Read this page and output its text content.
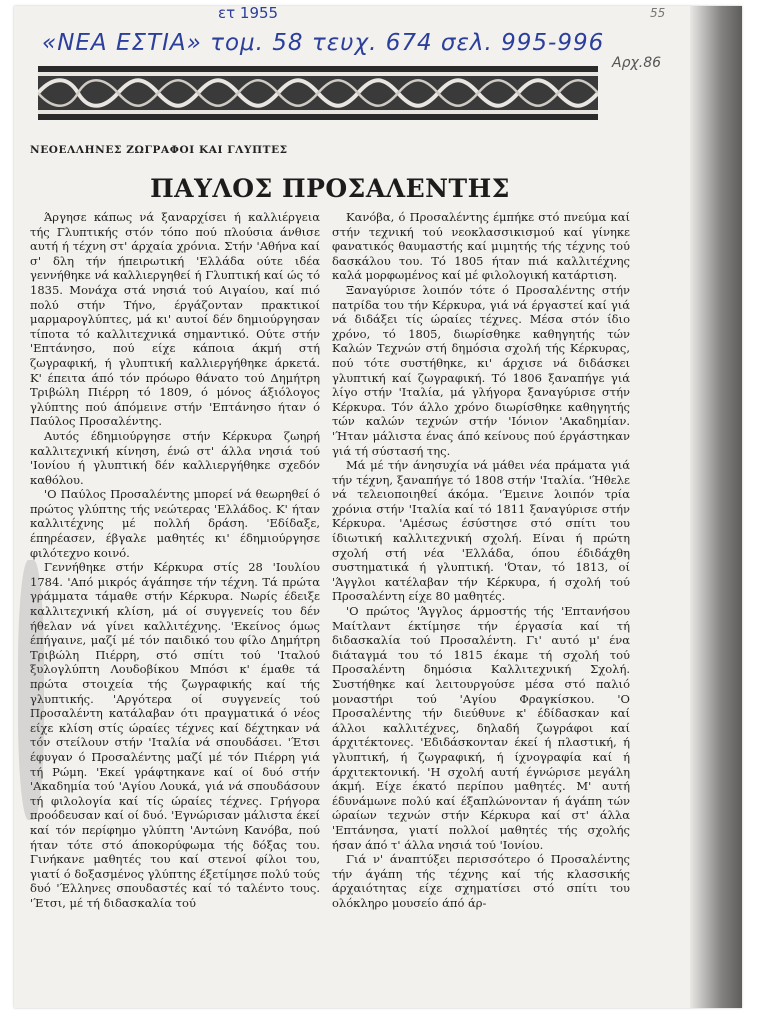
ετ 1955
«ΝΕΑ ΕΣΤΙΑ» τομ. 58 τευχ. 674 σελ. 995-996
55
Αρχ.86
ΝΕΟΕΛΛΗΝΕΣ ΖΩΓΡΑΦΟΙ ΚΑΙ ΓΛΥΠΤΕΣ
ΠΑΥΛΟΣ ΠΡΟΣΑΛΕΝΤΗΣ

Άργησε κάπως νά ξαναρχίσει ή καλλιέργεια τής Γλυπτικής στόν τόπο πού πλούσια άνθισε αυτή ή τέχνη στ' άρχαία χρόνια. Στήν 'Αθήνα καί σ' δλη τήν ήπειρωτική 'Ελλάδα ούτε ιδέα γεννήθηκε νά καλλιεργηθεί ή Γλυπτική καί ώς τό 1835. Μονάχα στά νησιά τού Αιγαίου, καί πιό πολύ στήν Τήνο, έργάζονταν πρακτικοί μαρμαρογλύπτες, μά κι' αυτοί δέν δημιούργησαν τίποτα τό καλλιτεχνικά σημαντικό. Ούτε στήν 'Επτάνησο, πού είχε κάποια άκμή στή ζωγραφική, ή γλυπτική καλλιεργήθηκε άρκετά. Κ' έπειτα άπό τόν πρόωρο θάνατο τού Δημήτρη Τριβώλη Πιέρρη τό 1809, ό μόνος άξιόλογος γλύπτης πού άπόμεινε στήν 'Επτάνησο ήταν ό Παύλος Προσαλέντης.

Αυτός έδημιούργησε στήν Κέρκυρα ζωηρή καλλιτεχνική κίνηση, ένώ στ' άλλα νησιά τού 'Ιονίου ή γλυπτική δέν καλλιεργήθηκε σχεδόν καθόλου.

'Ο Παύλος Προσαλέντης μπορεί νά θεωρηθεί ό πρώτος γλύπτης τής νεώτερας 'Ελλάδος. Κ' ήταν καλλιτέχνης μέ πολλή δράση. 'Εδίδαξε, έπηρέασεν, έβγαλε μαθητές κι' έδημιούργησε φιλότεχνο κοινό.

Γεννήθηκε στήν Κέρκυρα στίς 28 'Ιουλίου 1784. 'Από μικρός άγάπησε τήν τέχνη. Τά πρώτα γράμματα τάμαθε στήν Κέρκυρα. Νωρίς έδειξε καλλιτεχνική κλίση, μά οί συγγενείς του δέν ήθελαν νά γίνει καλλιτέχνης. 'Εκείνος όμως έπήγαινε, μαζί μέ τόν παιδικό του φίλο Δημήτρη Τριβώλη Πιέρρη, στό σπίτι τού 'Ιταλού ξυλογλύπτη Λουδοβίκου Μπόσι κ' έμαθε τά πρώτα στοιχεία τής ζωγραφικής καί τής γλυπτικής. 'Αργότερα οί συγγενείς τού Προσαλέντη κατάλαβαν ότι πραγματικά ό νέος είχε κλίση στίς ώραίες τέχνες καί δέχτηκαν νά τόν στείλουν στήν 'Ιταλία νά σπουδάσει. 'Έτσι έφυγαν ό Προσαλέντης μαζί μέ τόν Πιέρρη γιά τή Ρώμη. 'Εκεί γράφτηκανε καί οί δυό στήν 'Ακαδημία τού 'Αγίου Λουκά, γιά νά σπουδάσουν τή φιλολογία καί τίς ώραίες τέχνες. Γρήγορα προόδευσαν καί οί δυό. 'Εγνώρισαν μάλιστα έκεί καί τόν περίφημο γλύπτη 'Αντώνη Κανόβα, πού ήταν τότε στό άποκορύφωμα τής δόξας του. Γινήκανε μαθητές του καί στενοί φίλοι του, γιατί ό δοξασμένος γλύπτης έξετίμησε πολύ τούς δυό 'Έλληνες σπουδαστές καί τό ταλέντο τους. 'Έτσι, μέ τή διδασκαλία τού

Κανόβα, ό Προσαλέντης έμπήκε στό πνεύμα καί στήν τεχνική τού νεοκλασσικισμού καί γίνηκε φανατικός θαυμαστής καί μιμητής τής τέχνης τού δασκάλου του. Τό 1805 ήταν πιά καλλιτέχνης καλά μορφωμένος καί μέ φιλολογική κατάρτιση.

Ξαναγύρισε λοιπόν τότε ό Προσαλέντης στήν πατρίδα του τήν Κέρκυρα, γιά νά έργαστεί καί γιά νά διδάξει τίς ώραίες τέχνες. Μέσα στόν ίδιο χρόνο, τό 1805, διωρίσθηκε καθηγητής τών Καλών Τεχνών στή δημόσια σχολή τής Κέρκυρας, πού τότε συστήθηκε, κι' άρχισε νά διδάσκει γλυπτική καί ζωγραφική. Τό 1806 ξαναπήγε γιά λίγο στήν 'Ιταλία, μά γλήγορα ξαναγύρισε στήν Κέρκυρα. Τόν άλλο χρόνο διωρίσθηκε καθηγητής τών καλών τεχνών στήν 'Ιόνιον 'Ακαδημίαν. 'Ήταν μάλιστα ένας άπό κείνους πού έργάστηκαν γιά τή σύστασή της.

Μά μέ τήν άνησυχία νά μάθει νέα πράματα γιά τήν τέχνη, ξαναπήγε τό 1808 στήν 'Ιταλία. 'Ήθελε νά τελειοποιηθεί άκόμα. 'Έμεινε λοιπόν τρία χρόνια στήν 'Ιταλία καί τό 1811 ξαναγύρισε στήν Κέρκυρα. 'Αμέσως έσύστησε στό σπίτι του ίδιωτική καλλιτεχνική σχολή. Είναι ή πρώτη σχολή στή νέα 'Ελλάδα, όπου έδιδάχθη συστηματικά ή γλυπτική. 'Όταν, τό 1813, οί 'Άγγλοι κατέλαβαν τήν Κέρκυρα, ή σχολή τού Προσαλέντη είχε 80 μαθητές.

'Ο πρώτος 'Άγγλος άρμοστής τής 'Επτανήσου Μαίτλαντ έκτίμησε τήν έργασία καί τή διδασκαλία τού Προσαλέντη. Γι' αυτό μ' ένα διάταγμά του τό 1815 έκαμε τή σχολή τού Προσαλέντη δημόσια Καλλιτεχνική Σχολή. Συστήθηκε καί λειτουργούσε μέσα στό παλιό μοναστήρι τού 'Αγίου Φραγκίσκου. 'Ο Προσαλέντης τήν διεύθυνε κ' έδίδασκαν καί άλλοι καλλιτέχνες, δηλαδή ζωγράφοι καί άρχιτέκτονες. 'Εδιδάσκονταν έκεί ή πλαστική, ή γλυπτική, ή ζωγραφική, ή ίχνογραφία καί ή άρχιτεκτονική. 'Η σχολή αυτή έγνώρισε μεγάλη άκμή. Είχε έκατό περίπου μαθητές. Μ' αυτή έδυνάμωνε πολύ καί έξαπλώνονταν ή άγάπη τών ώραίων τεχνών στήν Κέρκυρα καί στ' άλλα 'Επτάνησα, γιατί πολλοί μαθητές τής σχολής ήσαν άπό τ' άλλα νησιά τού 'Ιονίου.

Γιά ν' άναπτύξει περισσότερο ό Προσαλέντης τήν άγάπη τής τέχνης καί τής κλασσικής άρχαιότητας είχε σχηματίσει στό σπίτι του ολόκληρο μουσείο άπό άρ-
